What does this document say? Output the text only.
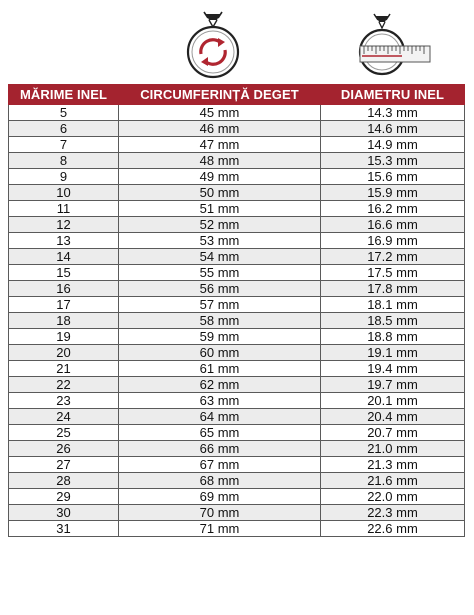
MĂRIME INEL	CIRCUMFERINȚĂ DEGET	DIAMETRU INEL
5	45 mm	14.3 mm
6	46 mm	14.6 mm
7	47 mm	14.9 mm
8	48 mm	15.3 mm
9	49 mm	15.6 mm
10	50 mm	15.9 mm
11	51 mm	16.2 mm
12	52 mm	16.6 mm
13	53 mm	16.9 mm
14	54 mm	17.2 mm
15	55 mm	17.5 mm
16	56 mm	17.8 mm
17	57 mm	18.1 mm
18	58 mm	18.5 mm
19	59 mm	18.8 mm
20	60 mm	19.1 mm
21	61 mm	19.4 mm
22	62 mm	19.7 mm
23	63 mm	20.1 mm
24	64 mm	20.4 mm
25	65 mm	20.7 mm
26	66 mm	21.0 mm
27	67 mm	21.3 mm
28	68 mm	21.6 mm
29	69 mm	22.0 mm
30	70 mm	22.3 mm
31	71 mm	22.6 mm
